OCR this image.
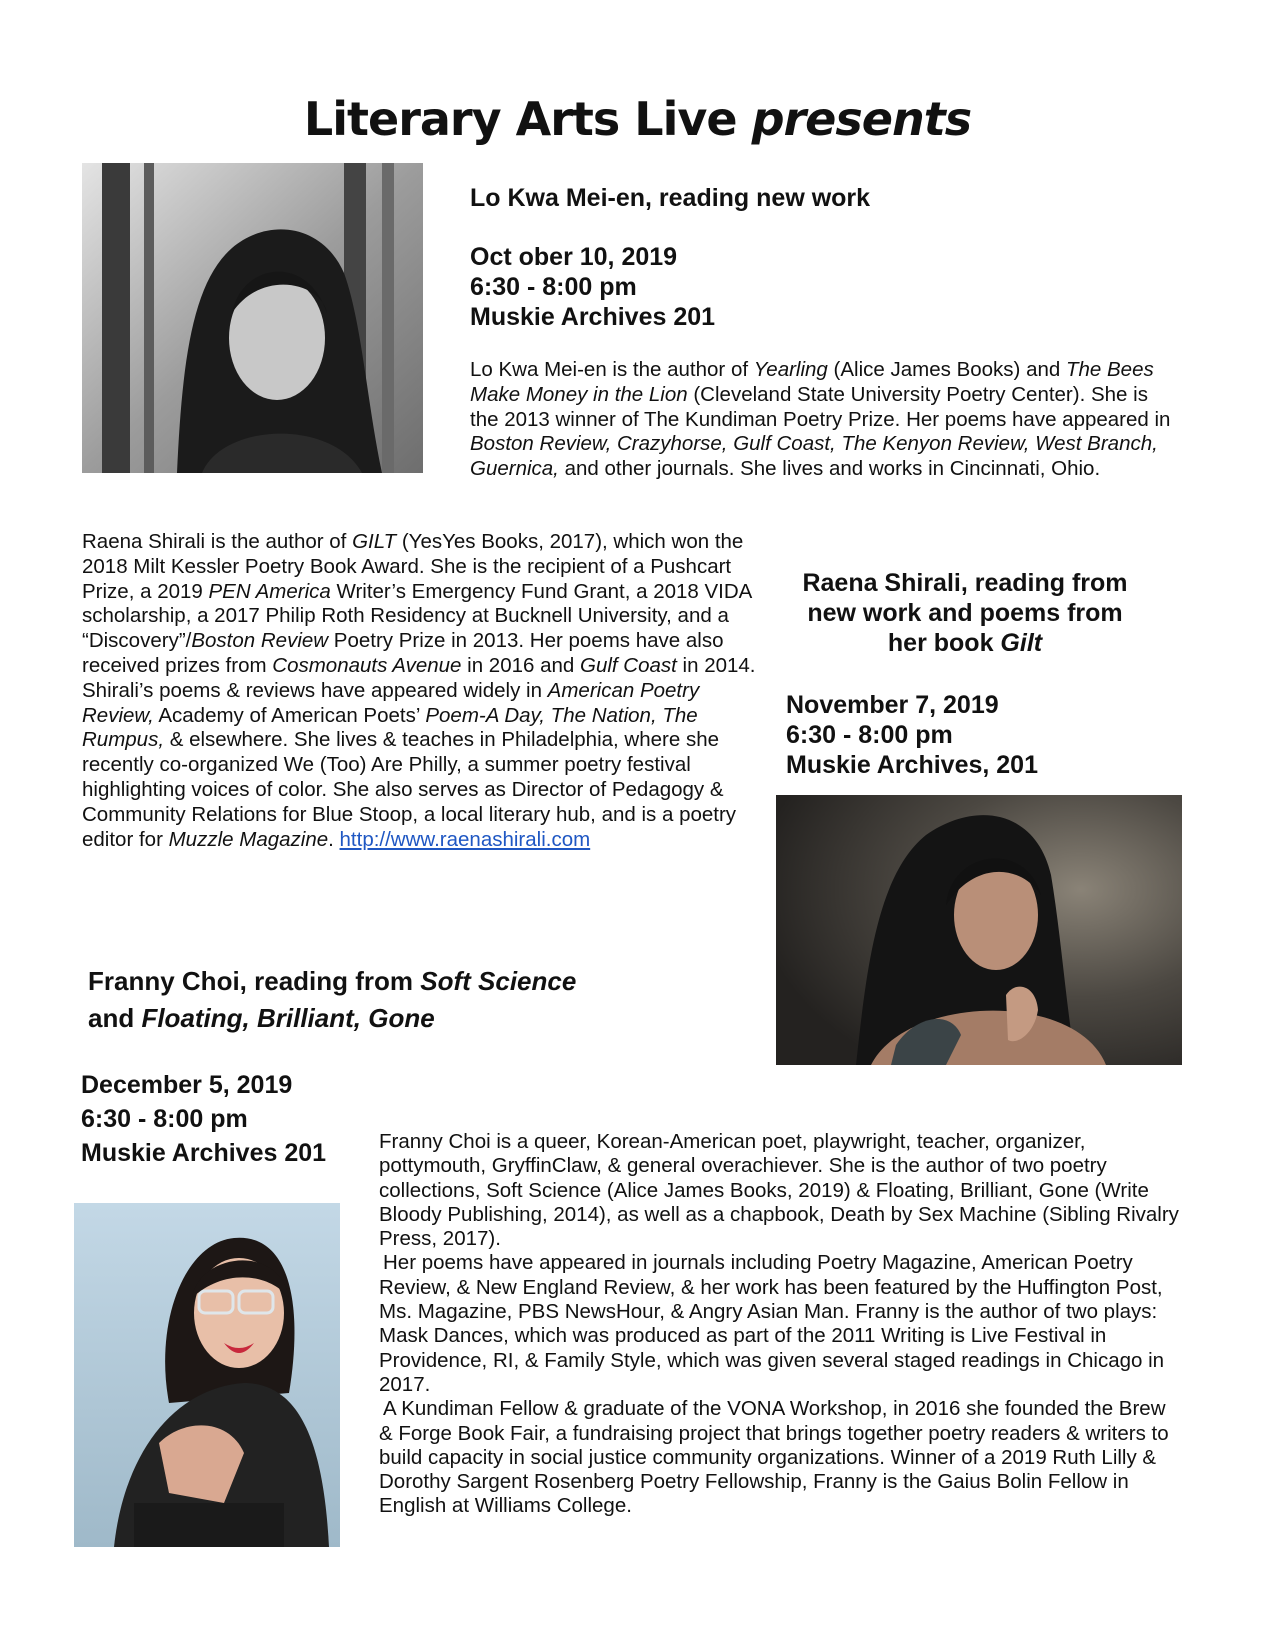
Literary Arts Live presents
Lo Kwa Mei-en, reading new work
Oct ober 10, 2019
6:30 - 8:00 pm
Muskie Archives 201
Lo Kwa Mei-en is the author of Yearling (Alice James Books) and The Bees Make Money in the Lion (Cleveland State University Poetry Center). She is the 2013 winner of The Kundiman Poetry Prize. Her poems have appeared in Boston Review, Crazyhorse, Gulf Coast, The Kenyon Review, West Branch, Guernica, and other journals. She lives and works in Cincinnati, Ohio.
Raena Shirali is the author of GILT (YesYes Books, 2017), which won the 2018 Milt Kessler Poetry Book Award. She is the recipient of a Pushcart Prize, a 2019 PEN America Writer’s Emergency Fund Grant, a 2018 VIDA scholarship, a 2017 Philip Roth Residency at Bucknell University, and a “Discovery”/Boston Review Poetry Prize in 2013. Her poems have also received prizes from Cosmonauts Avenue in 2016 and Gulf Coast in 2014. Shirali’s poems & reviews have appeared widely in American Poetry Review, Academy of American Poets’ Poem-A Day, The Nation, The Rumpus, & elsewhere. She lives & teaches in Philadelphia, where she recently co-organized We (Too) Are Philly, a summer poetry festival highlighting voices of color. She also serves as Director of Pedagogy & Community Relations for Blue Stoop, a local literary hub, and is a poetry editor for Muzzle Magazine. http://www.raenashirali.com
Raena Shirali, reading from
new work and poems from
her book Gilt
November 7, 2019
6:30 - 8:00 pm
Muskie Archives, 201
Franny Choi, reading from Soft Science
and Floating, Brilliant, Gone
December 5, 2019
6:30 - 8:00 pm
Muskie Archives 201	Franny Choi is a queer, Korean-American poet, playwright, teacher, organizer, pottymouth, GryffinClaw, & general overachiever. She is the author of two poetry collections, Soft Science (Alice James Books, 2019) & Floating, Brilliant, Gone (Write Bloody Publishing, 2014), as well as a chapbook, Death by Sex Machine (Sibling Rivalry Press, 2017).
Her poems have appeared in journals including Poetry Magazine, American Poetry Review, & New England Review, & her work has been featured by the Huffington Post, Ms. Magazine, PBS NewsHour, & Angry Asian Man. Franny is the author of two plays: Mask Dances, which was produced as part of the 2011 Writing is Live Festival in Providence, RI, & Family Style, which was given several staged readings in Chicago in 2017.
A Kundiman Fellow & graduate of the VONA Workshop, in 2016 she founded the Brew & Forge Book Fair, a fundraising project that brings together poetry readers & writers to build capacity in social justice community organizations. Winner of a 2019 Ruth Lilly & Dorothy Sargent Rosenberg Poetry Fellowship, Franny is the Gaius Bolin Fellow in English at Williams College.
